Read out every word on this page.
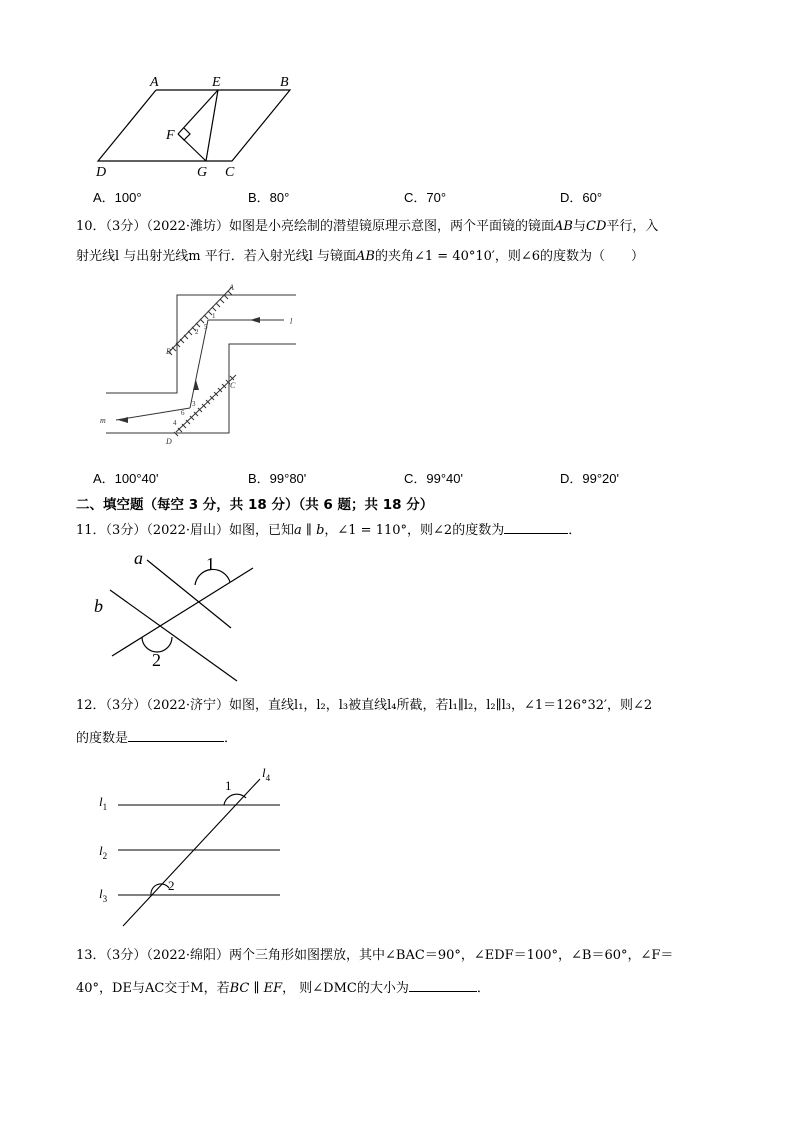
A	E	B
F
D	G C
A．100°	B．80°	C．70°	D．60°
10．（3分）（2022·潍坊）如图是小亮绘制的潜望镜原理示意图，两个平面镜的镜面AB与CD平行，入
射光线l 与出射光线m 平行．若入射光线l 与镜面AB的夹角∠1 = 40°10′，则∠6的度数为（　　）
A
B
C
D
l
m
1
2
3
4
5
6
A．100°40'	B．99°80'	C．99°40'	D．99°20'
二、填空题（每空 3 分，共 18 分）（共 6 题；共 18 分）
11．（3分）（2022·眉山）如图，已知a ∥ b，∠1 = 110°，则∠2的度数为	．
a
b
1
2
12．（3分）（2022·济宁）如图，直线l₁，l₂，l₃被直线l₄所截，若l₁∥l₂，l₂∥l₃，∠1＝126°32′，则∠2
的度数是	．
$l_1$
$l_2$
$l_3$
$l_4$
1
2
13．（3分）（2022·绵阳）两个三角形如图摆放，其中∠BAC＝90°，∠EDF＝100°，∠B＝60°，∠F＝
40°，DE与AC交于M，若BC ∥ EF， 则∠DMC的大小为	．
